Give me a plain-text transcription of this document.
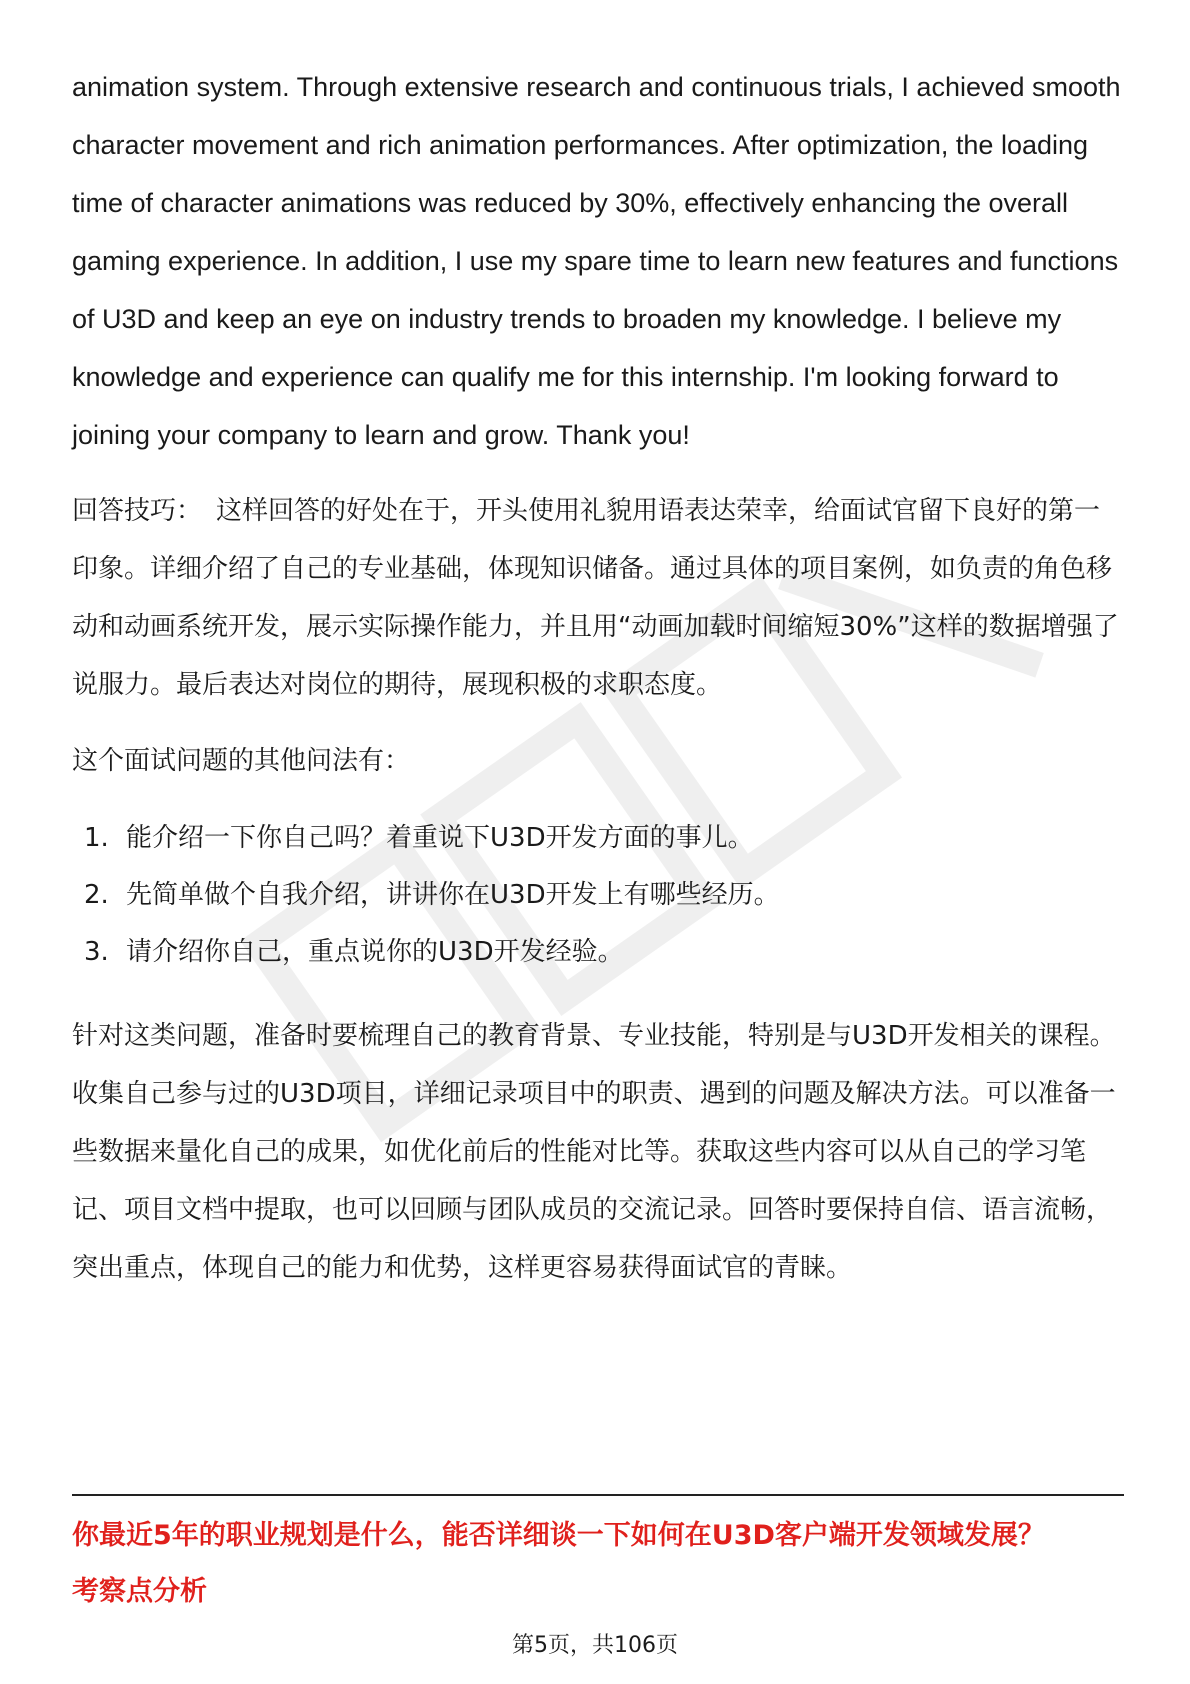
animation system. Through extensive research and continuous trials, I achieved smooth character movement and rich animation performances. After optimization, the loading time of character animations was reduced by 30%, effectively enhancing the overall gaming experience. In addition, I use my spare time to learn new features and functions of U3D and keep an eye on industry trends to broaden my knowledge. I believe my knowledge and experience can qualify me for this internship. I'm looking forward to joining your company to learn and grow. Thank you!

回答技巧： 这样回答的好处在于，开头使用礼貌用语表达荣幸，给面试官留下良好的第一印象。详细介绍了自己的专业基础，体现知识储备。通过具体的项目案例，如负责的角色移动和动画系统开发，展示实际操作能力，并且用“动画加载时间缩短30%”这样的数据增强了说服力。最后表达对岗位的期待，展现积极的求职态度。

这个面试问题的其他问法有：

1. 能介绍一下你自己吗？着重说下U3D开发方面的事儿。
2. 先简单做个自我介绍，讲讲你在U3D开发上有哪些经历。
3. 请介绍你自己，重点说你的U3D开发经验。

针对这类问题，准备时要梳理自己的教育背景、专业技能，特别是与U3D开发相关的课程。收集自己参与过的U3D项目，详细记录项目中的职责、遇到的问题及解决方法。可以准备一些数据来量化自己的成果，如优化前后的性能对比等。获取这些内容可以从自己的学习笔记、项目文档中提取，也可以回顾与团队成员的交流记录。回答时要保持自信、语言流畅，突出重点，体现自己的能力和优势，这样更容易获得面试官的青睐。

你最近5年的职业规划是什么，能否详细谈一下如何在U3D客户端开发领域发展？
考察点分析
第5页，共106页
